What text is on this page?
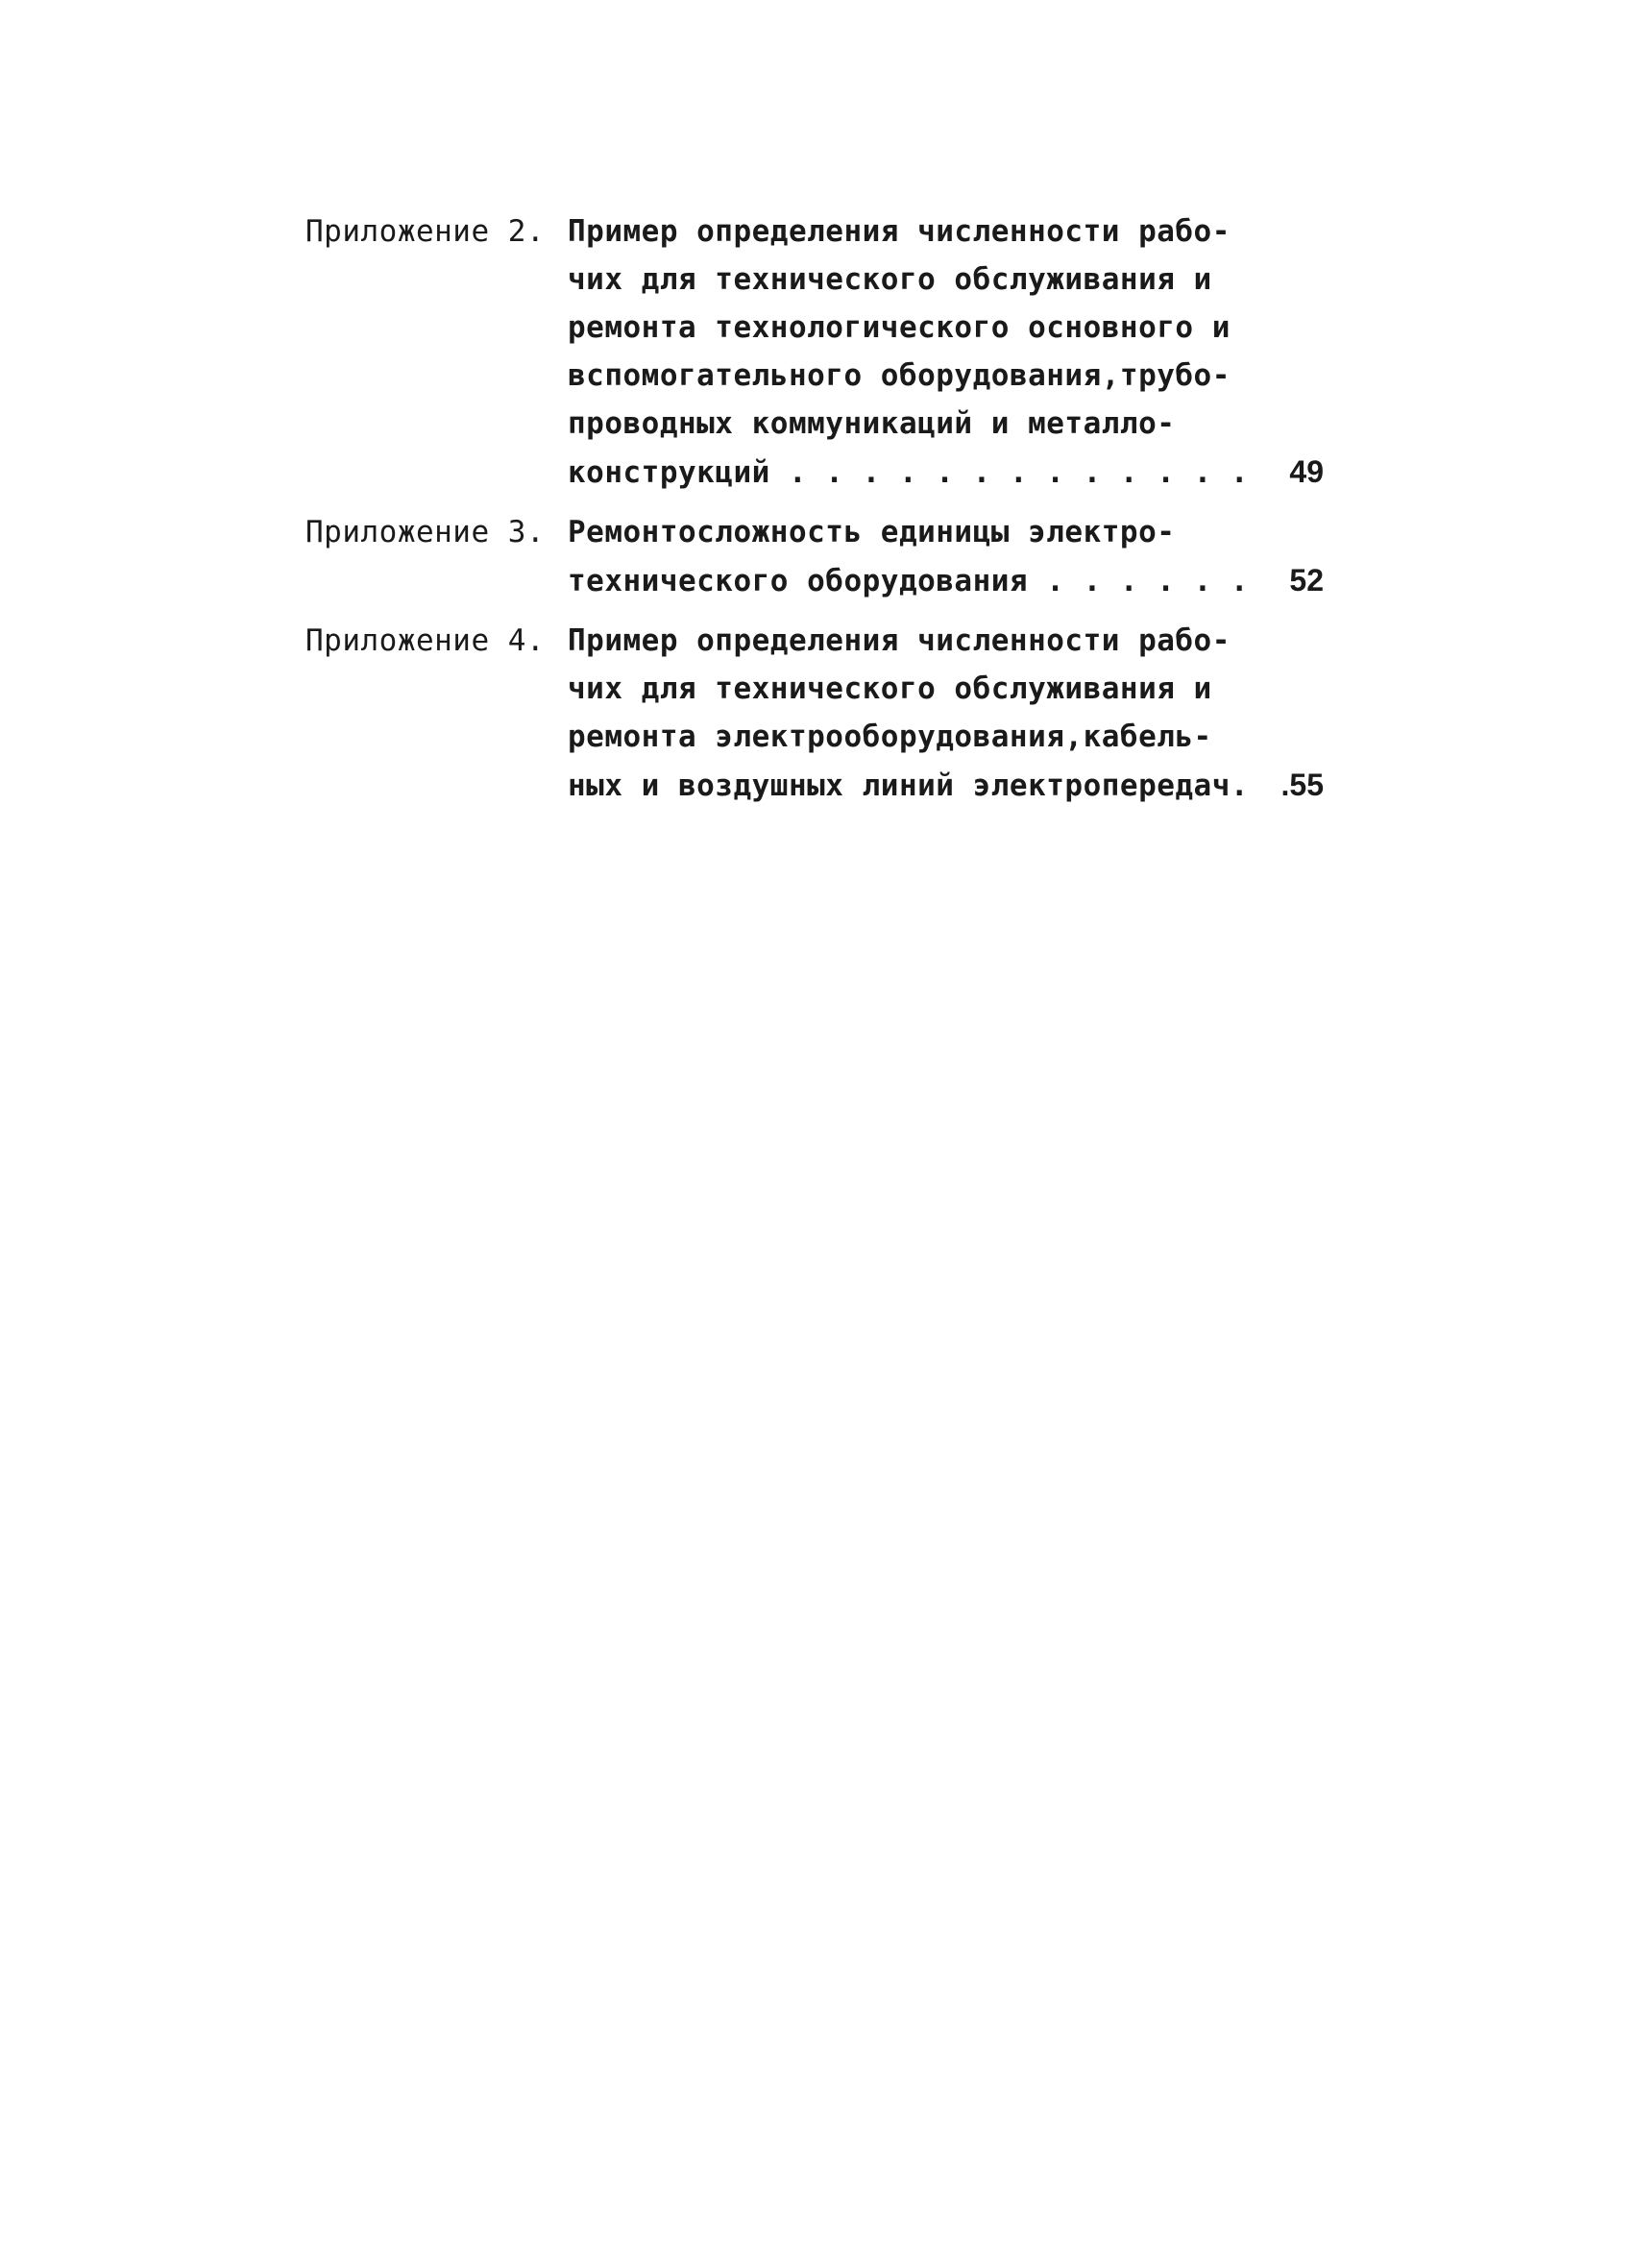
Приложение 2. Пример определения численности рабо-
чих для технического обслуживания и
ремонта технологического основного и
вспомогательного оборудования,трубо-
проводных коммуникаций и металло-
конструкций . . . . . . . . . . . . . 49
Приложение 3. Ремонтосложность единицы электро-
технического оборудования . . . . . . 52
Приложение 4. Пример определения численности рабо-
чих для технического обслуживания и
ремонта электрооборудования,кабель-
ных и воздушных линий электропередач. .55
